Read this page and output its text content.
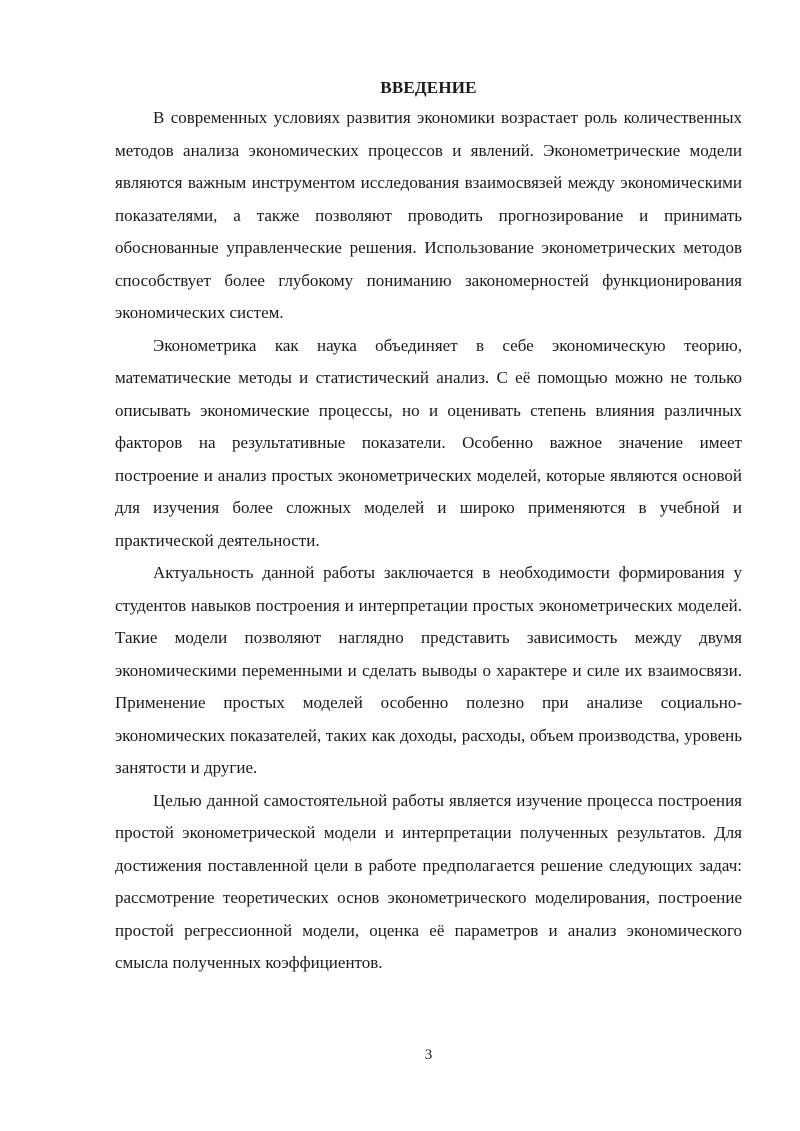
ВВЕДЕНИЕ

В современных условиях развития экономики возрастает роль количественных методов анализа экономических процессов и явлений. Эконометрические модели являются важным инструментом исследования взаимосвязей между экономическими показателями, а также позволяют проводить прогнозирование и принимать обоснованные управленческие решения. Использование эконометрических методов способствует более глубокому пониманию закономерностей функционирования экономических систем.

Эконометрика как наука объединяет в себе экономическую теорию, математические методы и статистический анализ. С её помощью можно не только описывать экономические процессы, но и оценивать степень влияния различных факторов на результативные показатели. Особенно важное значение имеет построение и анализ простых эконометрических моделей, которые являются основой для изучения более сложных моделей и широко применяются в учебной и практической деятельности.

Актуальность данной работы заключается в необходимости формирования у студентов навыков построения и интерпретации простых эконометрических моделей. Такие модели позволяют наглядно представить зависимость между двумя экономическими переменными и сделать выводы о характере и силе их взаимосвязи. Применение простых моделей особенно полезно при анализе социально-экономических показателей, таких как доходы, расходы, объем производства, уровень занятости и другие.

Целью данной самостоятельной работы является изучение процесса построения простой эконометрической модели и интерпретации полученных результатов. Для достижения поставленной цели в работе предполагается решение следующих задач: рассмотрение теоретических основ эконометрического моделирования, построение простой регрессионной модели, оценка её параметров и анализ экономического смысла полученных коэффициентов.

3
